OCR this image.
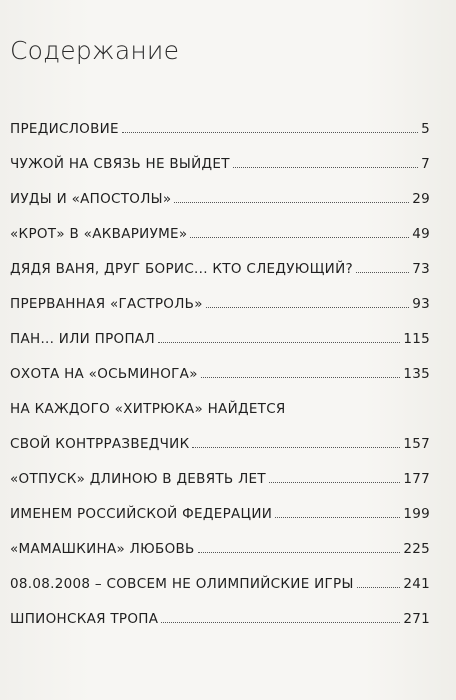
Содержание
ПРЕДИСЛОВИЕ	5
ЧУЖОЙ НА СВЯЗЬ НЕ ВЫЙДЕТ	7
ИУДЫ И «АПОСТОЛЫ»	29
«КРОТ» В «АКВАРИУМЕ»	49
ДЯДЯ ВАНЯ, ДРУГ БОРИС... КТО СЛЕДУЮЩИЙ?	73
ПРЕРВАННАЯ «ГАСТРОЛЬ»	93
ПАН... ИЛИ ПРОПАЛ	115
ОХОТА НА «ОСЬМИНОГА»	135
НА КАЖДОГО «ХИТРЮКА» НАЙДЕТСЯ
СВОЙ КОНТРРАЗВЕДЧИК	157
«ОТПУСК» ДЛИНОЮ В ДЕВЯТЬ ЛЕТ	177
ИМЕНЕМ РОССИЙСКОЙ ФЕДЕРАЦИИ	199
«МАМАШКИНА» ЛЮБОВЬ	225
08.08.2008 – СОВСЕМ НЕ ОЛИМПИЙСКИЕ ИГРЫ	241
ШПИОНСКАЯ ТРОПА	271
